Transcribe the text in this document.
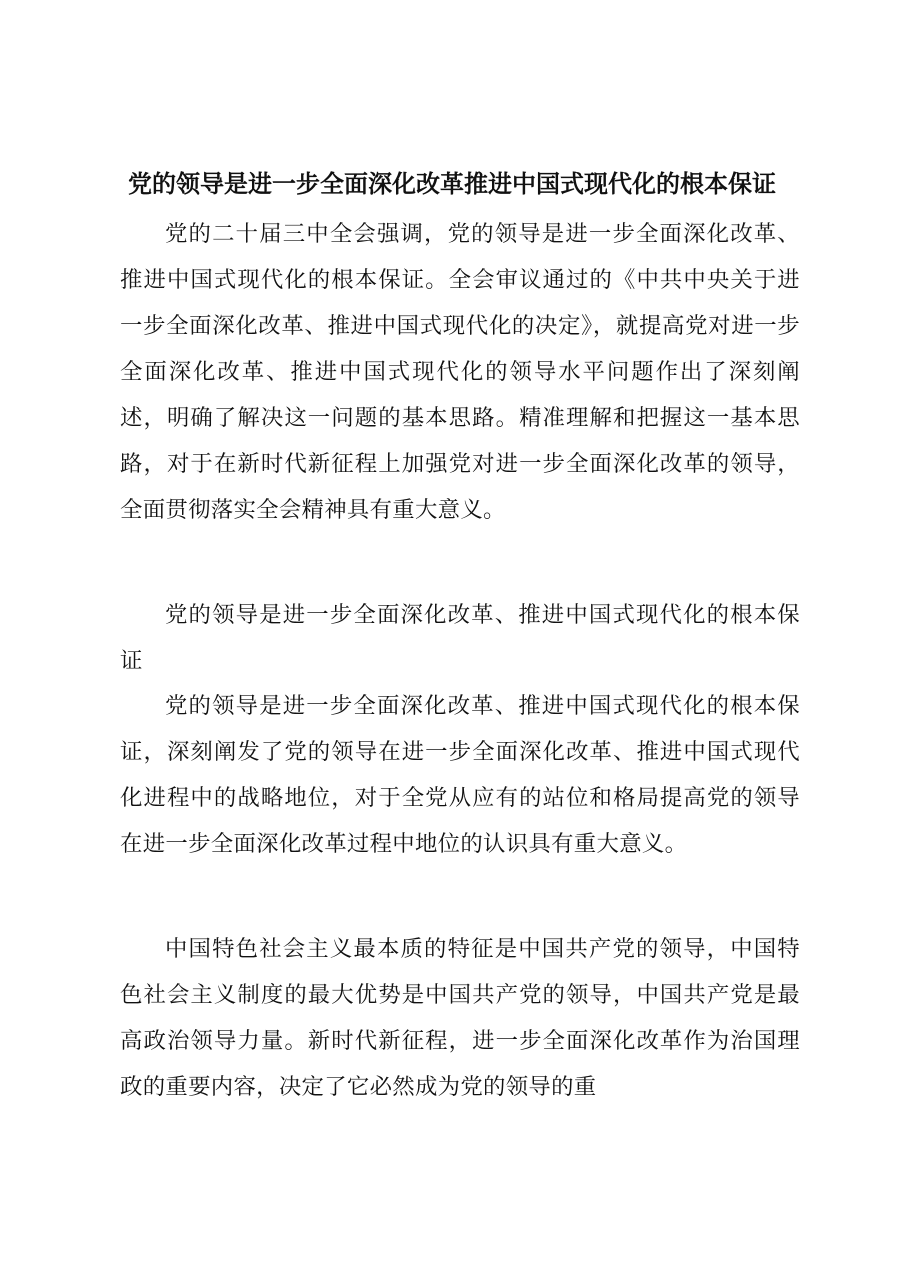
党的领导是进一步全面深化改革推进中国式现代化的根本保证

党的二十届三中全会强调，党的领导是进一步全面深化改革、推进中国式现代化的根本保证。全会审议通过的《中共中央关于进一步全面深化改革、推进中国式现代化的决定》，就提高党对进一步全面深化改革、推进中国式现代化的领导水平问题作出了深刻阐述，明确了解决这一问题的基本思路。精准理解和把握这一基本思路，对于在新时代新征程上加强党对进一步全面深化改革的领导，全面贯彻落实全会精神具有重大意义。

党的领导是进一步全面深化改革、推进中国式现代化的根本保证

党的领导是进一步全面深化改革、推进中国式现代化的根本保证，深刻阐发了党的领导在进一步全面深化改革、推进中国式现代化进程中的战略地位，对于全党从应有的站位和格局提高党的领导在进一步全面深化改革过程中地位的认识具有重大意义。

中国特色社会主义最本质的特征是中国共产党的领导，中国特色社会主义制度的最大优势是中国共产党的领导，中国共产党是最高政治领导力量。新时代新征程，进一步全面深化改革作为治国理政的重要内容，决定了它必然成为党的领导的重
